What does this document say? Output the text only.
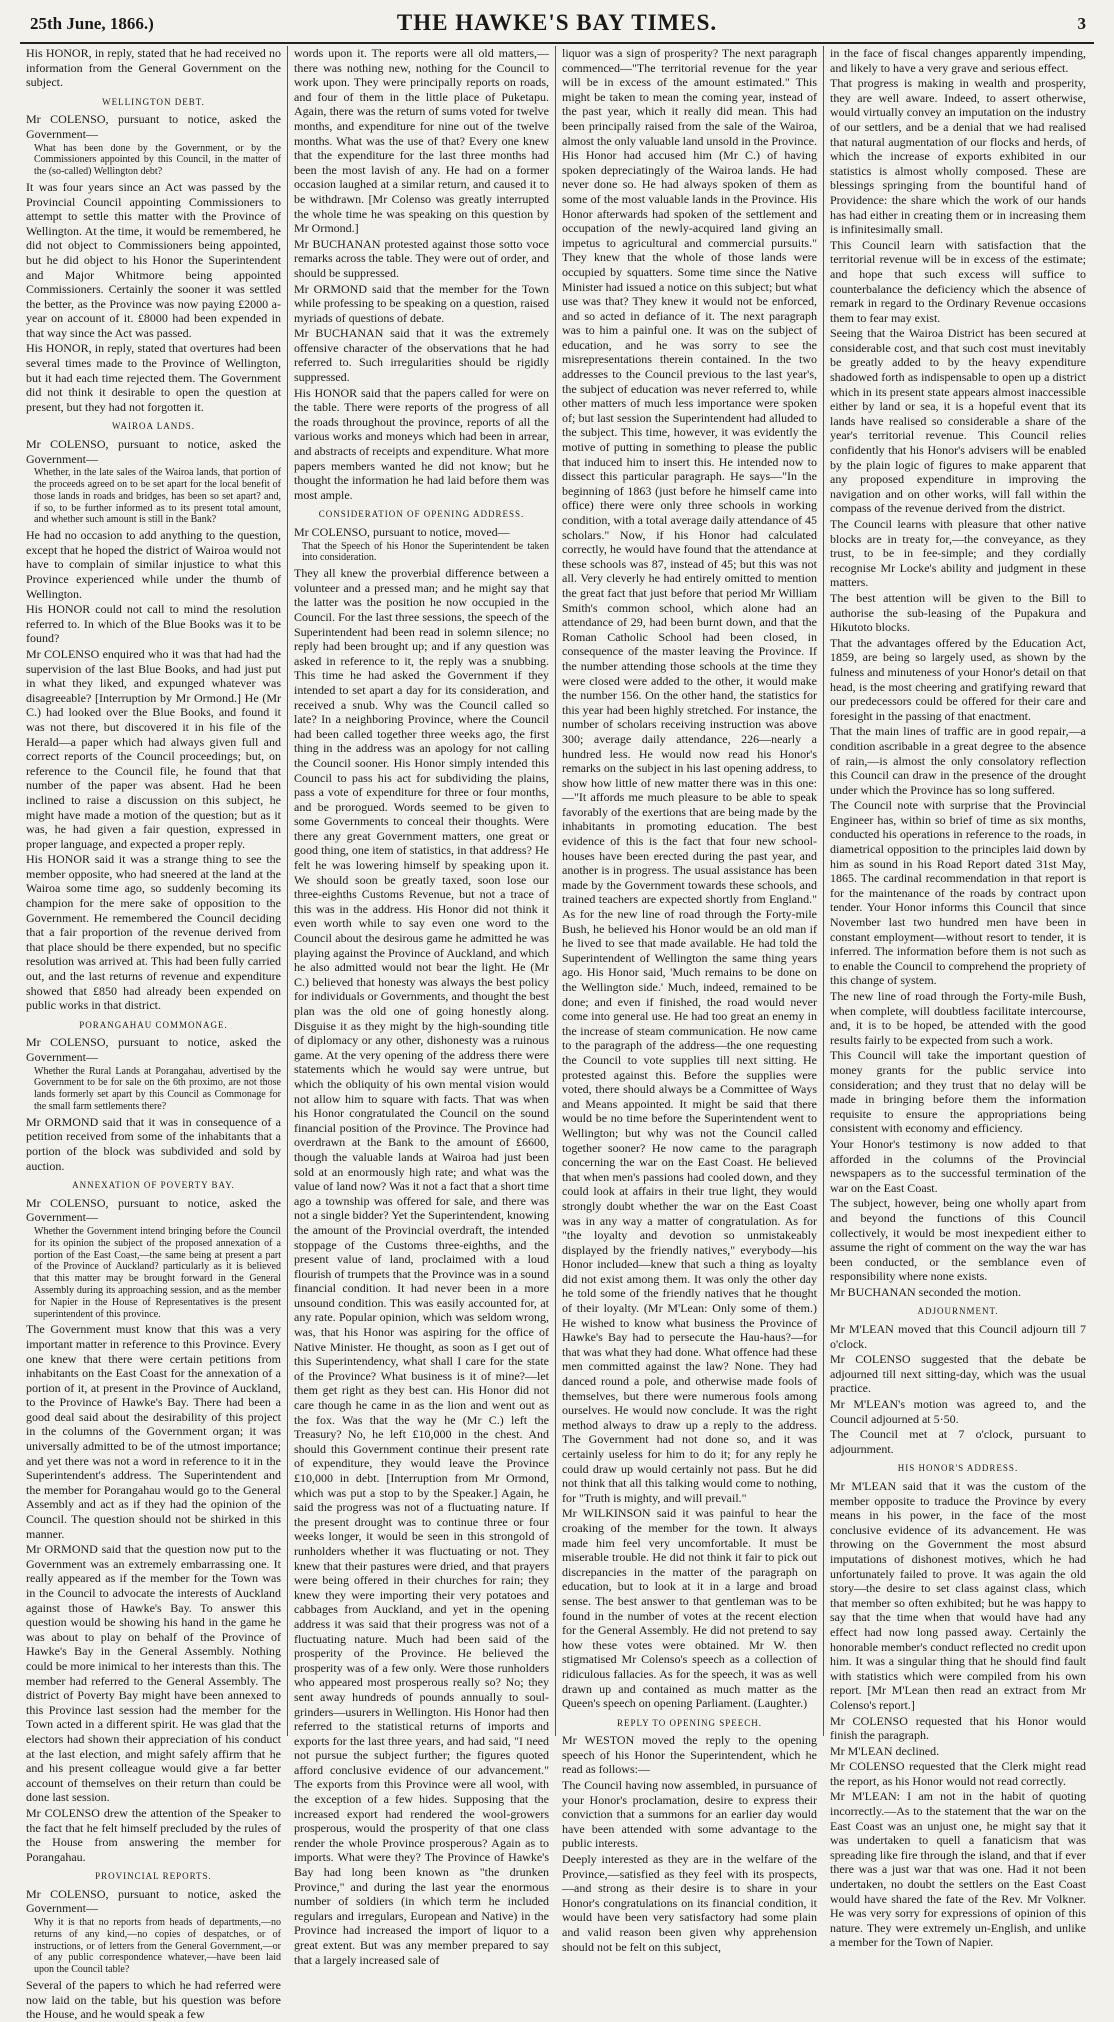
25th June, 1866.)	THE HAWKE'S BAY TIMES.	3

His HONOR, in reply, stated that he had received no information from the General Government on the subject.

WELLINGTON DEBT.

Mr COLENSO, pursuant to notice, asked the Government—

What has been done by the Government, or by the Commissioners appointed by this Council, in the matter of the (so-called) Wellington debt?

It was four years since an Act was passed by the Provincial Council appointing Commissioners to attempt to settle this matter with the Province of Wellington. At the time, it would be remembered, he did not object to Commissioners being appointed, but he did object to his Honor the Superintendent and Major Whitmore being appointed Commissioners. Certainly the sooner it was settled the better, as the Province was now paying £2000 a-year on account of it. £8000 had been expended in that way since the Act was passed.

His HONOR, in reply, stated that overtures had been several times made to the Province of Wellington, but it had each time rejected them. The Government did not think it desirable to open the question at present, but they had not forgotten it.

WAIROA LANDS.

Mr COLENSO, pursuant to notice, asked the Government—

Whether, in the late sales of the Wairoa lands, that portion of the proceeds agreed on to be set apart for the local benefit of those lands in roads and bridges, has been so set apart? and, if so, to be further informed as to its present total amount, and whether such amount is still in the Bank?

He had no occasion to add anything to the question, except that he hoped the district of Wairoa would not have to complain of similar injustice to what this Province experienced while under the thumb of Wellington.

His HONOR could not call to mind the resolution referred to. In which of the Blue Books was it to be found?

Mr COLENSO enquired who it was that had had the supervision of the last Blue Books, and had just put in what they liked, and expunged whatever was disagreeable? [Interruption by Mr Ormond.] He (Mr C.) had looked over the Blue Books, and found it was not there, but discovered it in his file of the Herald—a paper which had always given full and correct reports of the Council proceedings; but, on reference to the Council file, he found that that number of the paper was absent. Had he been inclined to raise a discussion on this subject, he might have made a motion of the question; but as it was, he had given a fair question, expressed in proper language, and expected a proper reply.

His HONOR said it was a strange thing to see the member opposite, who had sneered at the land at the Wairoa some time ago, so suddenly becoming its champion for the mere sake of opposition to the Government. He remembered the Council deciding that a fair proportion of the revenue derived from that place should be there expended, but no specific resolution was arrived at. This had been fully carried out, and the last returns of revenue and expenditure showed that £850 had already been expended on public works in that district.

PORANGAHAU COMMONAGE.

Mr COLENSO, pursuant to notice, asked the Government—

Whether the Rural Lands at Porangahau, advertised by the Government to be for sale on the 6th proximo, are not those lands formerly set apart by this Council as Commonage for the small farm settlements there?

Mr ORMOND said that it was in consequence of a petition received from some of the inhabitants that a portion of the block was subdivided and sold by auction.

ANNEXATION OF POVERTY BAY.

Mr COLENSO, pursuant to notice, asked the Government—

Whether the Government intend bringing before the Council for its opinion the subject of the proposed annexation of a portion of the East Coast,—the same being at present a part of the Province of Auckland? particularly as it is believed that this matter may be brought forward in the General Assembly during its approaching session, and as the member for Napier in the House of Representatives is the present superintendent of this province.

The Government must know that this was a very important matter in reference to this Province. Every one knew that there were certain petitions from inhabitants on the East Coast for the annexation of a portion of it, at present in the Province of Auckland, to the Province of Hawke's Bay. There had been a good deal said about the desirability of this project in the columns of the Government organ; it was universally admitted to be of the utmost importance; and yet there was not a word in reference to it in the Superintendent's address. The Superintendent and the member for Porangahau would go to the General Assembly and act as if they had the opinion of the Council. The question should not be shirked in this manner.

Mr ORMOND said that the question now put to the Government was an extremely embarrassing one. It really appeared as if the member for the Town was in the Council to advocate the interests of Auckland against those of Hawke's Bay. To answer this question would be showing his hand in the game he was about to play on behalf of the Province of Hawke's Bay in the General Assembly. Nothing could be more inimical to her interests than this. The member had referred to the General Assembly. The district of Poverty Bay might have been annexed to this Province last session had the member for the Town acted in a different spirit. He was glad that the electors had shown their appreciation of his conduct at the last election, and might safely affirm that he and his present colleague would give a far better account of themselves on their return than could be done last session.

Mr COLENSO drew the attention of the Speaker to the fact that he felt himself precluded by the rules of the House from answering the member for Porangahau.

PROVINCIAL REPORTS.

Mr COLENSO, pursuant to notice, asked the Government—

Why it is that no reports from heads of departments,—no returns of any kind,—no copies of despatches, or of instructions, or of letters from the General Government,—or of any public correspondence whatever,—have been laid upon the Council table?

Several of the papers to which he had referred were now laid on the table, but his question was before the House, and he would speak a few

words upon it. The reports were all old matters,—there was nothing new, nothing for the Council to work upon. They were principally reports on roads, and four of them in the little place of Puketapu. Again, there was the return of sums voted for twelve months, and expenditure for nine out of the twelve months. What was the use of that? Every one knew that the expenditure for the last three months had been the most lavish of any. He had on a former occasion laughed at a similar return, and caused it to be withdrawn. [Mr Colenso was greatly interrupted the whole time he was speaking on this question by Mr Ormond.]

Mr BUCHANAN protested against those sotto voce remarks across the table. They were out of order, and should be suppressed.

Mr ORMOND said that the member for the Town while professing to be speaking on a question, raised myriads of questions of debate.

Mr BUCHANAN said that it was the extremely offensive character of the observations that he had referred to. Such irregularities should be rigidly suppressed.

His HONOR said that the papers called for were on the table. There were reports of the progress of all the roads throughout the province, reports of all the various works and moneys which had been in arrear, and abstracts of receipts and expenditure. What more papers members wanted he did not know; but he thought the information he had laid before them was most ample.

CONSIDERATION OF OPENING ADDRESS.

Mr COLENSO, pursuant to notice, moved—

That the Speech of his Honor the Superintendent be taken into consideration.

They all knew the proverbial difference between a volunteer and a pressed man; and he might say that the latter was the position he now occupied in the Council. For the last three sessions, the speech of the Superintendent had been read in solemn silence; no reply had been brought up; and if any question was asked in reference to it, the reply was a snubbing. This time he had asked the Government if they intended to set apart a day for its consideration, and received a snub. Why was the Council called so late? In a neighboring Province, where the Council had been called together three weeks ago, the first thing in the address was an apology for not calling the Council sooner. His Honor simply intended this Council to pass his act for subdividing the plains, pass a vote of expenditure for three or four months, and be prorogued. Words seemed to be given to some Governments to conceal their thoughts. Were there any great Government matters, one great or good thing, one item of statistics, in that address? He felt he was lowering himself by speaking upon it. We should soon be greatly taxed, soon lose our three-eighths Customs Revenue, but not a trace of this was in the address. His Honor did not think it even worth while to say even one word to the Council about the desirous game he admitted he was playing against the Province of Auckland, and which he also admitted would not bear the light. He (Mr C.) believed that honesty was always the best policy for individuals or Governments, and thought the best plan was the old one of going honestly along. Disguise it as they might by the high-sounding title of diplomacy or any other, dishonesty was a ruinous game. At the very opening of the address there were statements which he would say were untrue, but which the obliquity of his own mental vision would not allow him to square with facts. That was when his Honor congratulated the Council on the sound financial position of the Province. The Province had overdrawn at the Bank to the amount of £6600, though the valuable lands at Wairoa had just been sold at an enormously high rate; and what was the value of land now? Was it not a fact that a short time ago a township was offered for sale, and there was not a single bidder? Yet the Superintendent, knowing the amount of the Provincial overdraft, the intended stoppage of the Customs three-eighths, and the present value of land, proclaimed with a loud flourish of trumpets that the Province was in a sound financial condition. It had never been in a more unsound condition. This was easily accounted for, at any rate. Popular opinion, which was seldom wrong, was, that his Honor was aspiring for the office of Native Minister. He thought, as soon as I get out of this Superintendency, what shall I care for the state of the Province? What business is it of mine?—let them get right as they best can. His Honor did not care though he came in as the lion and went out as the fox. Was that the way he (Mr C.) left the Treasury? No, he left £10,000 in the chest. And should this Government continue their present rate of expenditure, they would leave the Province £10,000 in debt. [Interruption from Mr Ormond, which was put a stop to by the Speaker.] Again, he said the progress was not of a fluctuating nature. If the present drought was to continue three or four weeks longer, it would be seen in this strongold of runholders whether it was fluctuating or not. They knew that their pastures were dried, and that prayers were being offered in their churches for rain; they knew they were importing their very potatoes and cabbages from Auckland, and yet in the opening address it was said that their progress was not of a fluctuating nature. Much had been said of the prosperity of the Province. He believed the prosperity was of a few only. Were those runholders who appeared most prosperous really so? No; they sent away hundreds of pounds annually to soul-grinders—usurers in Wellington. His Honor had then referred to the statistical returns of imports and exports for the last three years, and had said, "I need not pursue the subject further; the figures quoted afford conclusive evidence of our advancement." The exports from this Province were all wool, with the exception of a few hides. Supposing that the increased export had rendered the wool-growers prosperous, would the prosperity of that one class render the whole Province prosperous? Again as to imports. What were they? The Province of Hawke's Bay had long been known as "the drunken Province," and during the last year the enormous number of soldiers (in which term he included regulars and irregulars, European and Native) in the Province had increased the import of liquor to a great extent. But was any member prepared to say that a largely increased sale of

liquor was a sign of prosperity? The next paragraph commenced—"The territorial revenue for the year will be in excess of the amount estimated." This might be taken to mean the coming year, instead of the past year, which it really did mean. This had been principally raised from the sale of the Wairoa, almost the only valuable land unsold in the Province. His Honor had accused him (Mr C.) of having spoken depreciatingly of the Wairoa lands. He had never done so. He had always spoken of them as some of the most valuable lands in the Province. His Honor afterwards had spoken of the settlement and occupation of the newly-acquired land giving an impetus to agricultural and commercial pursuits." They knew that the whole of those lands were occupied by squatters. Some time since the Native Minister had issued a notice on this subject; but what use was that? They knew it would not be enforced, and so acted in defiance of it. The next paragraph was to him a painful one. It was on the subject of education, and he was sorry to see the misrepresentations therein contained. In the two addresses to the Council previous to the last year's, the subject of education was never referred to, while other matters of much less importance were spoken of; but last session the Superintendent had alluded to the subject. This time, however, it was evidently the motive of putting in something to please the public that induced him to insert this. He intended now to dissect this particular paragraph. He says—"In the beginning of 1863 (just before he himself came into office) there were only three schools in working condition, with a total average daily attendance of 45 scholars." Now, if his Honor had calculated correctly, he would have found that the attendance at these schools was 87, instead of 45; but this was not all. Very cleverly he had entirely omitted to mention the great fact that just before that period Mr William Smith's common school, which alone had an attendance of 29, had been burnt down, and that the Roman Catholic School had been closed, in consequence of the master leaving the Province. If the number attending those schools at the time they were closed were added to the other, it would make the number 156. On the other hand, the statistics for this year had been highly stretched. For instance, the number of scholars receiving instruction was above 300; average daily attendance, 226—nearly a hundred less. He would now read his Honor's remarks on the subject in his last opening address, to show how little of new matter there was in this one:—"It affords me much pleasure to be able to speak favorably of the exertions that are being made by the inhabitants in promoting education. The best evidence of this is the fact that four new school-houses have been erected during the past year, and another is in progress. The usual assistance has been made by the Government towards these schools, and trained teachers are expected shortly from England." As for the new line of road through the Forty-mile Bush, he believed his Honor would be an old man if he lived to see that made available. He had told the Superintendent of Wellington the same thing years ago. His Honor said, 'Much remains to be done on the Wellington side.' Much, indeed, remained to be done; and even if finished, the road would never come into general use. He had too great an enemy in the increase of steam communication. He now came to the paragraph of the address—the one requesting the Council to vote supplies till next sitting. He protested against this. Before the supplies were voted, there should always be a Committee of Ways and Means appointed. It might be said that there would be no time before the Superintendent went to Wellington; but why was not the Council called together sooner? He now came to the paragraph concerning the war on the East Coast. He believed that when men's passions had cooled down, and they could look at affairs in their true light, they would strongly doubt whether the war on the East Coast was in any way a matter of congratulation. As for "the loyalty and devotion so unmistakeably displayed by the friendly natives," everybody—his Honor included—knew that such a thing as loyalty did not exist among them. It was only the other day he told some of the friendly natives that he thought of their loyalty. (Mr M'Lean: Only some of them.) He wished to know what business the Province of Hawke's Bay had to persecute the Hau-haus?—for that was what they had done. What offence had these men committed against the law? None. They had danced round a pole, and otherwise made fools of themselves, but there were numerous fools among ourselves. He would now conclude. It was the right method always to draw up a reply to the address. The Government had not done so, and it was certainly useless for him to do it; for any reply he could draw up would certainly not pass. But he did not think that all this talking would come to nothing, for "Truth is mighty, and will prevail."

Mr WILKINSON said it was painful to hear the croaking of the member for the town. It always made him feel very uncomfortable. It must be miserable trouble. He did not think it fair to pick out discrepancies in the matter of the paragraph on education, but to look at it in a large and broad sense. The best answer to that gentleman was to be found in the number of votes at the recent election for the General Assembly. He did not pretend to say how these votes were obtained. Mr W. then stigmatised Mr Colenso's speech as a collection of ridiculous fallacies. As for the speech, it was as well drawn up and contained as much matter as the Queen's speech on opening Parliament. (Laughter.)

REPLY TO OPENING SPEECH.

Mr WESTON moved the reply to the opening speech of his Honor the Superintendent, which he read as follows:—

The Council having now assembled, in pursuance of your Honor's proclamation, desire to express their conviction that a summons for an earlier day would have been attended with some advantage to the public interests.

Deeply interested as they are in the welfare of the Province,—satisfied as they feel with its prospects,—and strong as their desire is to share in your Honor's congratulations on its financial condition, it would have been very satisfactory had some plain and valid reason been given why apprehension should not be felt on this subject,

in the face of fiscal changes apparently impending, and likely to have a very grave and serious effect.

That progress is making in wealth and prosperity, they are well aware. Indeed, to assert otherwise, would virtually convey an imputation on the industry of our settlers, and be a denial that we had realised that natural augmentation of our flocks and herds, of which the increase of exports exhibited in our statistics is almost wholly composed. These are blessings springing from the bountiful hand of Providence: the share which the work of our hands has had either in creating them or in increasing them is infinitesimally small.

This Council learn with satisfaction that the territorial revenue will be in excess of the estimate; and hope that such excess will suffice to counterbalance the deficiency which the absence of remark in regard to the Ordinary Revenue occasions them to fear may exist.

Seeing that the Wairoa District has been secured at considerable cost, and that such cost must inevitably be greatly added to by the heavy expenditure shadowed forth as indispensable to open up a district which in its present state appears almost inaccessible either by land or sea, it is a hopeful event that its lands have realised so considerable a share of the year's territorial revenue. This Council relies confidently that his Honor's advisers will be enabled by the plain logic of figures to make apparent that any proposed expenditure in improving the navigation and on other works, will fall within the compass of the revenue derived from the district.

The Council learns with pleasure that other native blocks are in treaty for,—the conveyance, as they trust, to be in fee-simple; and they cordially recognise Mr Locke's ability and judgment in these matters.

The best attention will be given to the Bill to authorise the sub-leasing of the Pupakura and Hikutoto blocks.

That the advantages offered by the Education Act, 1859, are being so largely used, as shown by the fulness and minuteness of your Honor's detail on that head, is the most cheering and gratifying reward that our predecessors could be offered for their care and foresight in the passing of that enactment.

That the main lines of traffic are in good repair,—a condition ascribable in a great degree to the absence of rain,—is almost the only consolatory reflection this Council can draw in the presence of the drought under which the Province has so long suffered.

The Council note with surprise that the Provincial Engineer has, within so brief of time as six months, conducted his operations in reference to the roads, in diametrical opposition to the principles laid down by him as sound in his Road Report dated 31st May, 1865. The cardinal recommendation in that report is for the maintenance of the roads by contract upon tender. Your Honor informs this Council that since November last two hundred men have been in constant employment—without resort to tender, it is inferred. The information before them is not such as to enable the Council to comprehend the propriety of this change of system.

The new line of road through the Forty-mile Bush, when complete, will doubtless facilitate intercourse, and, it is to be hoped, be attended with the good results fairly to be expected from such a work.

This Council will take the important question of money grants for the public service into consideration; and they trust that no delay will be made in bringing before them the information requisite to ensure the appropriations being consistent with economy and efficiency.

Your Honor's testimony is now added to that afforded in the columns of the Provincial newspapers as to the successful termination of the war on the East Coast.

The subject, however, being one wholly apart from and beyond the functions of this Council collectively, it would be most inexpedient either to assume the right of comment on the way the war has been conducted, or the semblance even of responsibility where none exists.

Mr BUCHANAN seconded the motion.

ADJOURNMENT.

Mr M'LEAN moved that this Council adjourn till 7 o'clock.

Mr COLENSO suggested that the debate be adjourned till next sitting-day, which was the usual practice.

Mr M'LEAN's motion was agreed to, and the Council adjourned at 5·50.

The Council met at 7 o'clock, pursuant to adjournment.

HIS HONOR'S ADDRESS.

Mr M'LEAN said that it was the custom of the member opposite to traduce the Province by every means in his power, in the face of the most conclusive evidence of its advancement. He was throwing on the Government the most absurd imputations of dishonest motives, which he had unfortunately failed to prove. It was again the old story—the desire to set class against class, which that member so often exhibited; but he was happy to say that the time when that would have had any effect had now long passed away. Certainly the honorable member's conduct reflected no credit upon him. It was a singular thing that he should find fault with statistics which were compiled from his own report. [Mr M'Lean then read an extract from Mr Colenso's report.]

Mr COLENSO requested that his Honor would finish the paragraph.

Mr M'LEAN declined.

Mr COLENSO requested that the Clerk might read the report, as his Honor would not read correctly.

Mr M'LEAN: I am not in the habit of quoting incorrectly.—As to the statement that the war on the East Coast was an unjust one, he might say that it was undertaken to quell a fanaticism that was spreading like fire through the island, and that if ever there was a just war that was one. Had it not been undertaken, no doubt the settlers on the East Coast would have shared the fate of the Rev. Mr Volkner. He was very sorry for expressions of opinion of this nature. They were extremely un-English, and unlike a member for the Town of Napier.
